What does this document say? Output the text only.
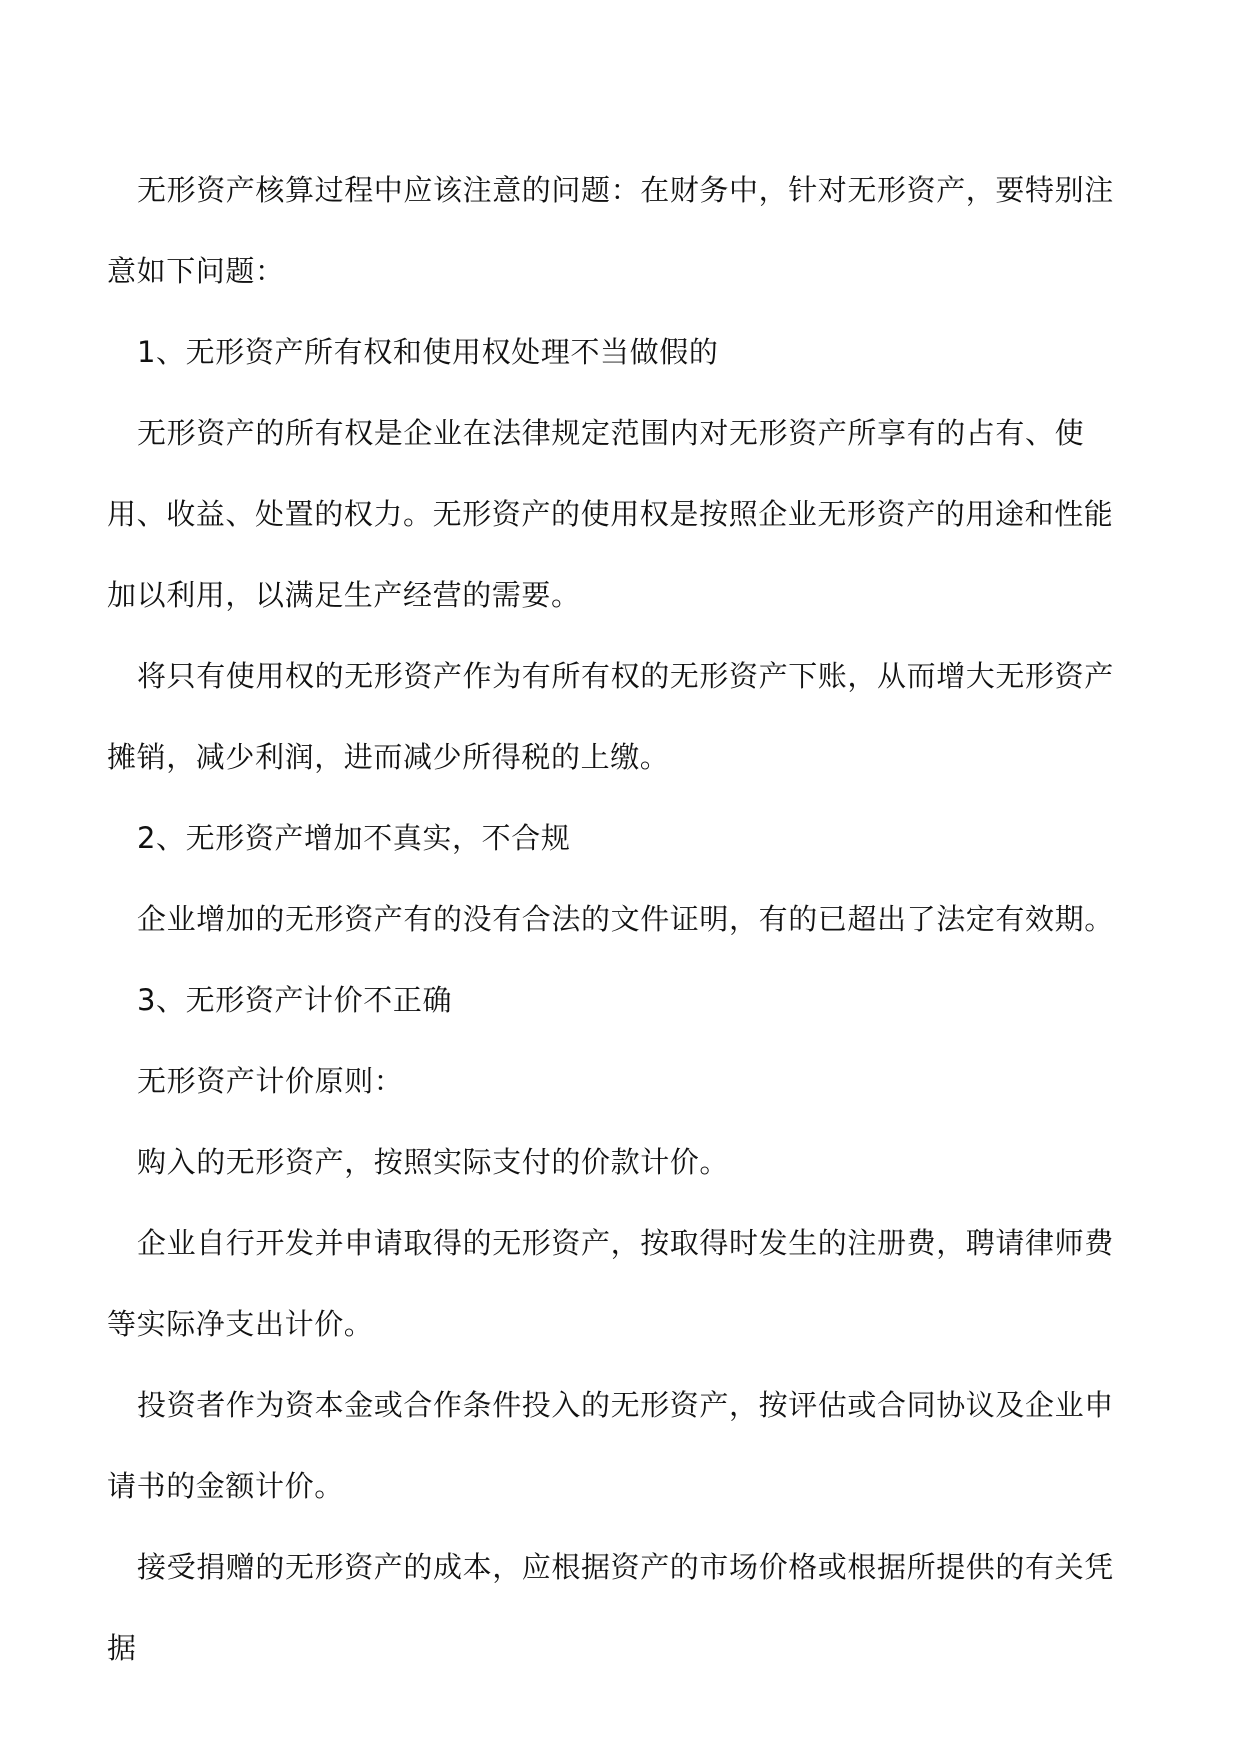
无形资产核算过程中应该注意的问题：在财务中，针对无形资产，要特别注意如下问题：

1、无形资产所有权和使用权处理不当做假的

无形资产的所有权是企业在法律规定范围内对无形资产所享有的占有、使用、收益、处置的权力。无形资产的使用权是按照企业无形资产的用途和性能加以利用，以满足生产经营的需要。

将只有使用权的无形资产作为有所有权的无形资产下账，从而增大无形资产摊销，减少利润，进而减少所得税的上缴。

2、无形资产增加不真实，不合规

企业增加的无形资产有的没有合法的文件证明，有的已超出了法定有效期。

3、无形资产计价不正确

无形资产计价原则：

购入的无形资产，按照实际支付的价款计价。

企业自行开发并申请取得的无形资产，按取得时发生的注册费，聘请律师费等实际净支出计价。

投资者作为资本金或合作条件投入的无形资产，按评估或合同协议及企业申请书的金额计价。

接受捐赠的无形资产的成本，应根据资产的市场价格或根据所提供的有关凭据
